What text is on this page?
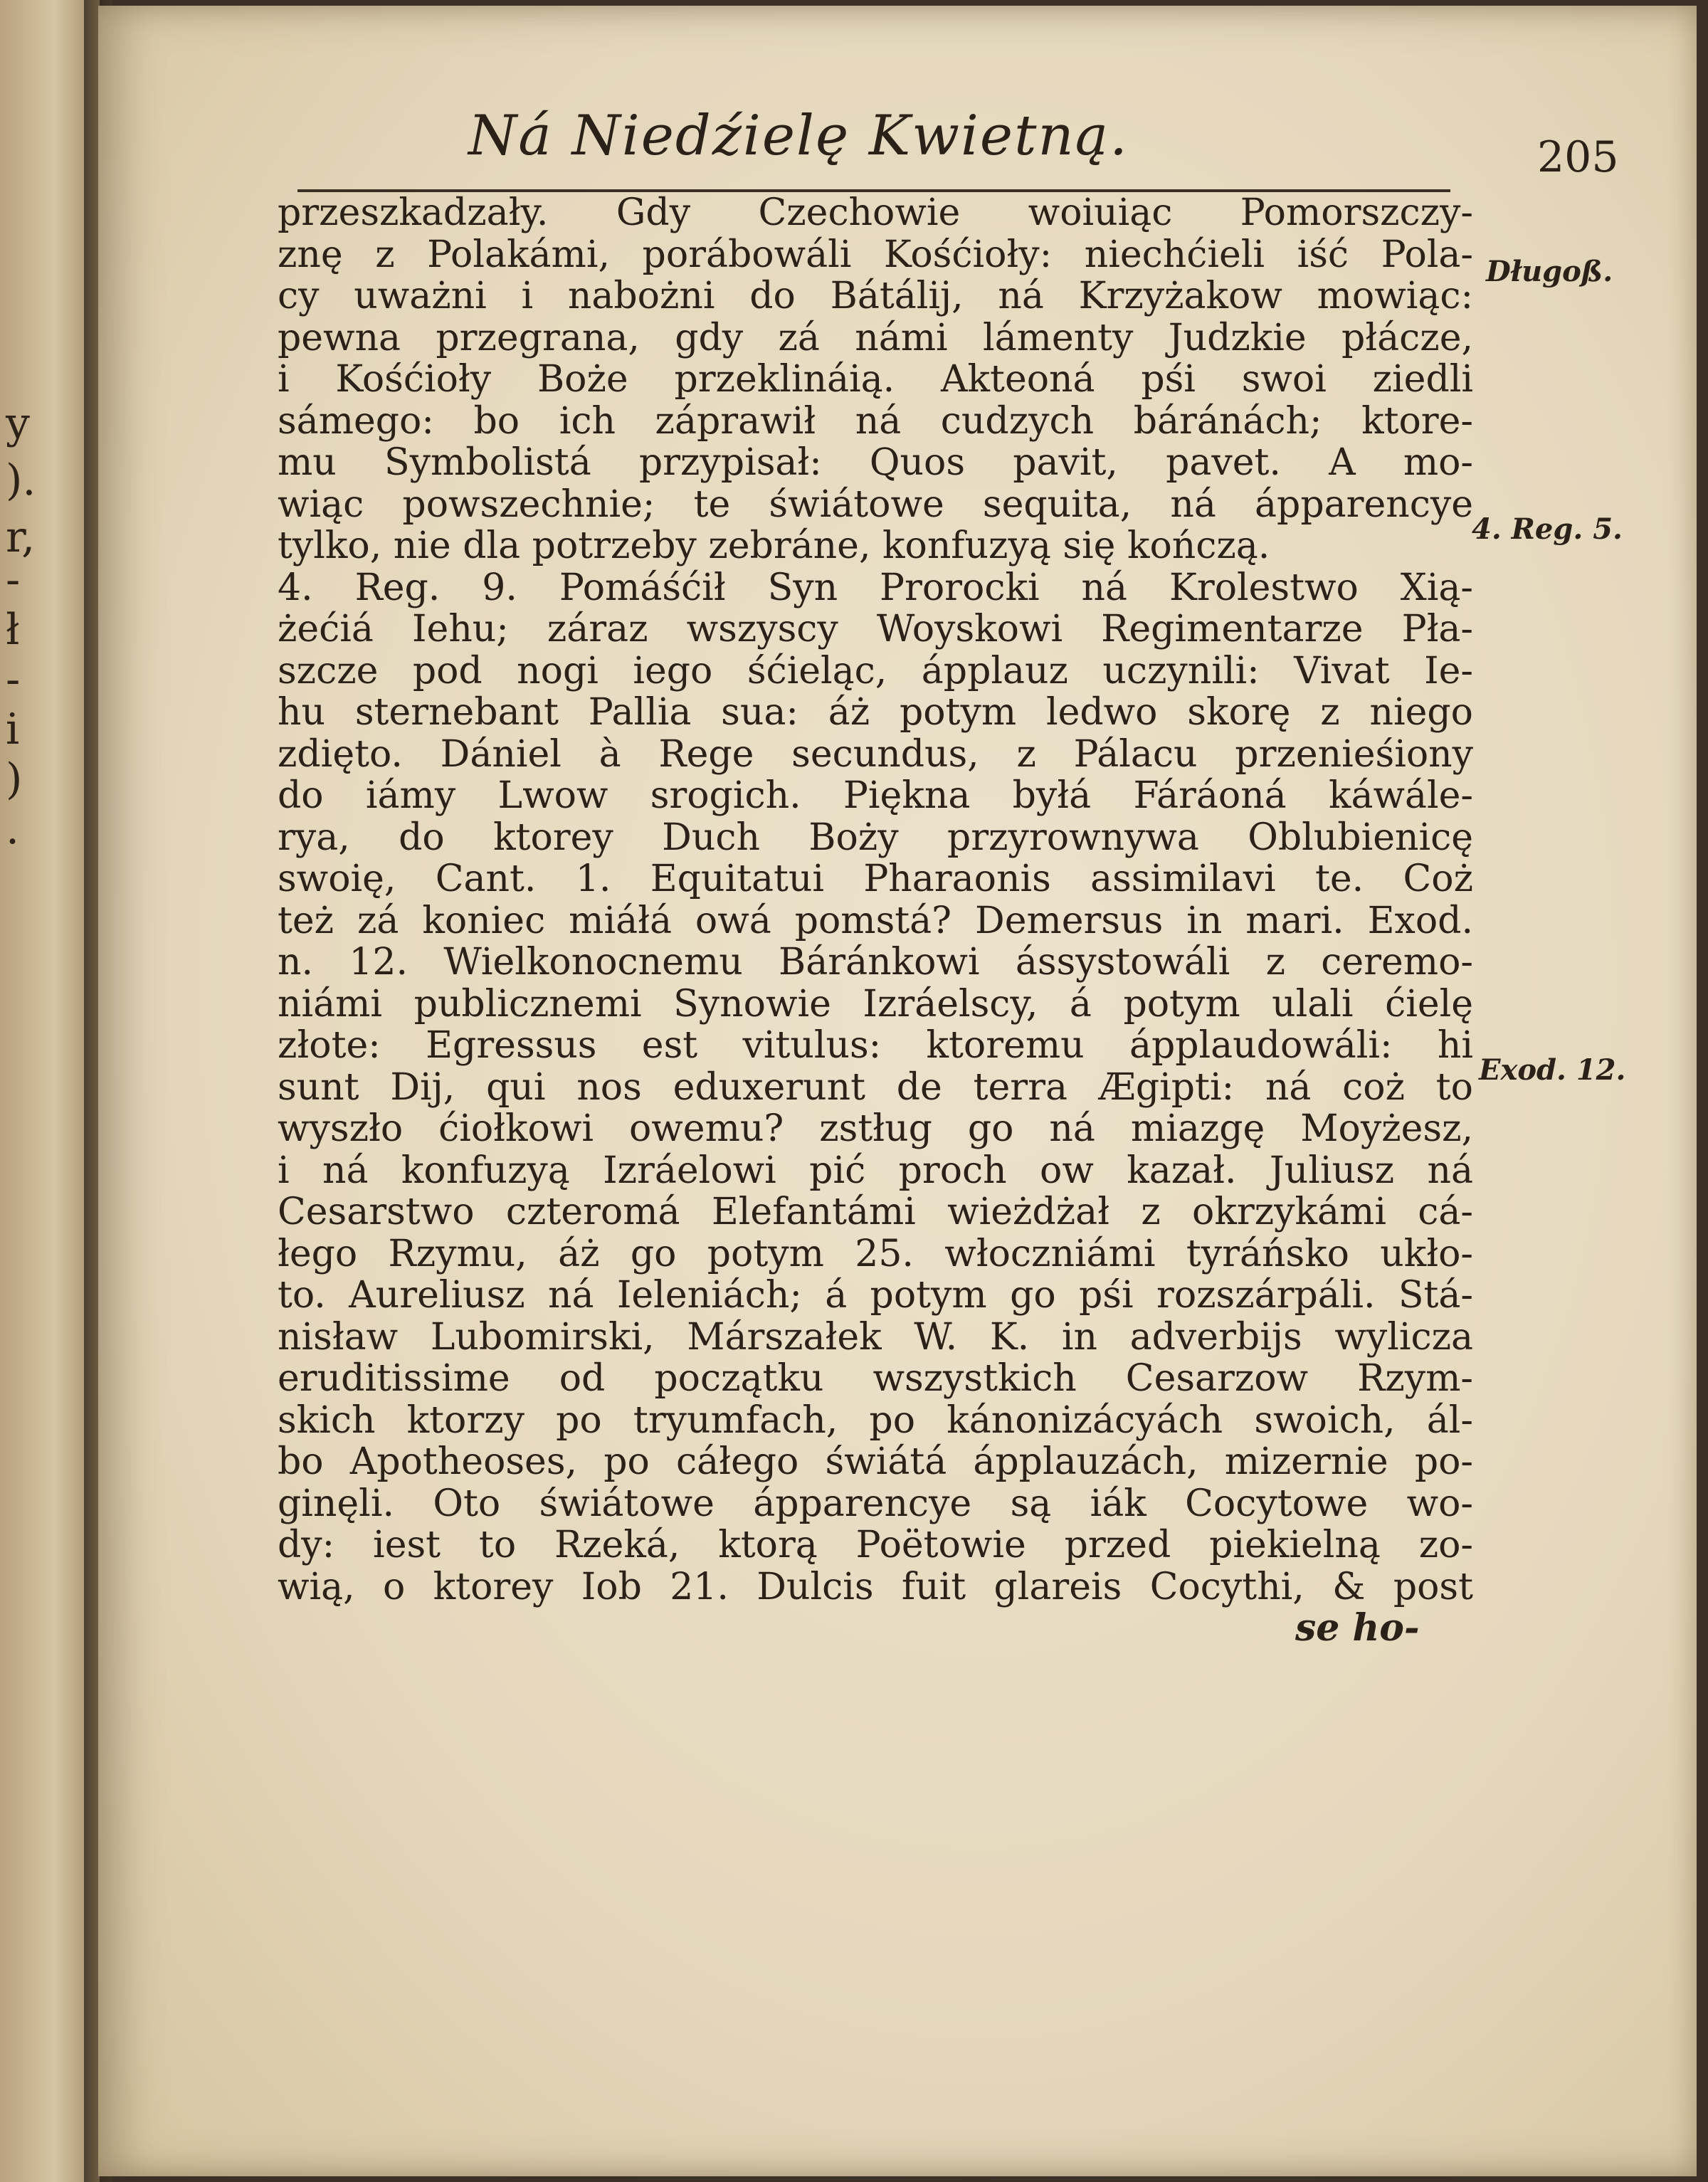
y
).
r,
-
ł
-
i
)
.
Ná Niedźielę Kwietną.	205
przeszkadzały. Gdy Czechowie woiuiąc Pomorszczy-
znę z Polakámi, porábowáli Kośćioły: niechćieli iść Pola-
cy uważni i nabożni do Bátálij, ná Krzyżakow mowiąc:
pewna przegrana, gdy zá námi lámenty Judzkie płácze,
i Kośćioły Boże przeklináią. Akteoná pśi swoi ziedli
sámego: bo ich záprawił ná cudzych báránách; ktore-
mu Symbolistá przypisał: Quos pavit, pavet. A mo-
wiąc powszechnie; te świátowe sequita, ná ápparencye
tylko, nie dla potrzeby zebráne, konfuzyą się kończą.
4. Reg. 9. Pomáśćił Syn Prorocki ná Krolestwo Xią-
żećiá Iehu; záraz wszyscy Woyskowi Regimentarze Pła-
szcze pod nogi iego śćieląc, ápplauz uczynili: Vivat Ie-
hu sternebant Pallia sua: áż potym ledwo skorę z niego
zdięto. Dániel à Rege secundus, z Pálacu przenieśiony
do iámy Lwow srogich. Piękna byłá Fáráoná káwále-
rya, do ktorey Duch Boży przyrownywa Oblubienicę
swoię, Cant. 1. Equitatui Pharaonis assimilavi te. Coż
też zá koniec miáłá owá pomstá? Demersus in mari. Exod.
n. 12. Wielkonocnemu Báránkowi ássystowáli z ceremo-
niámi publicznemi Synowie Izráelscy, á potym ulali ćielę
złote: Egressus est vitulus: ktoremu ápplaudowáli: hi
sunt Dij, qui nos eduxerunt de terra Ægipti: ná coż to
wyszło ćiołkowi owemu? zstług go ná miazgę Moyżesz,
i ná konfuzyą Izráelowi pić proch ow kazał. Juliusz ná
Cesarstwo czteromá Elefantámi wieżdżał z okrzykámi cá-
łego Rzymu, áż go potym 25. włoczniámi tyráńsko ukło-
to. Aureliusz ná Ieleniách; á potym go pśi rozszárpáli. Stá-
nisław Lubomirski, Márszałek W. K. in adverbijs wylicza
eruditissime od początku wszystkich Cesarzow Rzym-
skich ktorzy po tryumfach, po kánonizácyách swoich, ál-
bo Apotheoses, po cáłego świátá ápplauzách, mizernie po-
ginęli. Oto świátowe ápparencye są iák Cocytowe wo-
dy: iest to Rzeká, ktorą Poëtowie przed piekielną zo-
wią, o ktorey Iob 21. Dulcis fuit glareis Cocythi, & post
se ho-
Długoß.
4. Reg. 5.
Exod. 12.
